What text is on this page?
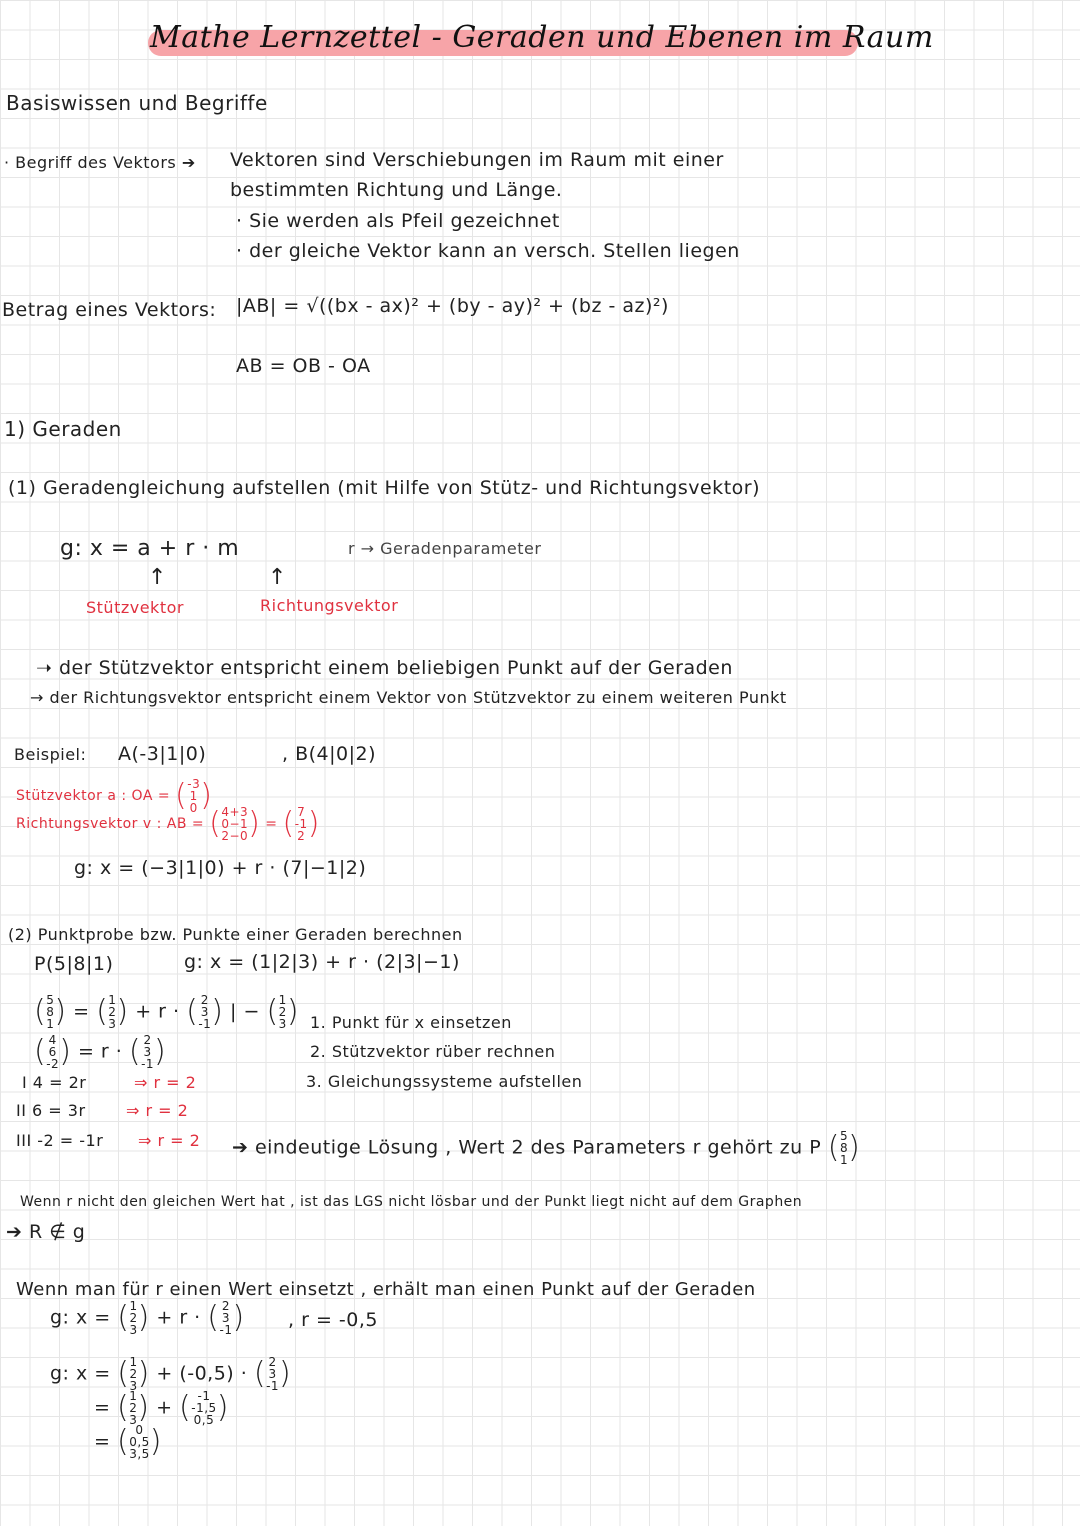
Mathe Lernzettel - Geraden und Ebenen im Raum
Basiswissen und Begriffe
· Begriff des Vektors ➔ Vektoren sind Verschiebungen im Raum mit einer
bestimmten Richtung und Länge.
· Sie werden als Pfeil gezeichnet
· der gleiche Vektor kann an versch. Stellen liegen
Betrag eines Vektors: |AB| = √((bx - ax)² + (by - ay)² + (bz - az)²)
AB = OB - OA
1) Geraden
(1) Geradengleichung aufstellen (mit Hilfe von Stütz- und Richtungsvektor)
g: x = a + r · m	r → Geradenparameter
↑	↑
Stützvektor	Richtungsvektor
➝ der Stützvektor entspricht einem beliebigen Punkt auf der Geraden
→ der Richtungsvektor entspricht einem Vektor von Stützvektor zu einem weiteren Punkt
Beispiel: A(-3|1|0)	, B(4|0|2)
Stützvektor a : OA = (-3
1
0)
Richtungsvektor v : AB = (4+3
0−1
2−0) = ( 7
-1
2)
g: x = (−3|1|0) + r · (7|−1|2)
(2) Punktprobe bzw. Punkte einer Geraden berechnen
P(5|8|1)	g: x = (1|2|3) + r · (2|3|−1)
(5
8
1) = (1
2
3) + r · ( 2
3
-1) | − (1
2
3)
( 4
6
-2) = r · ( 2
3
-1)
1. Punkt für x einsetzen
2. Stützvektor rüber rechnen
3. Gleichungssysteme aufstellen
I 4 = 2r	⇒ r = 2
II 6 = 3r	⇒ r = 2
III -2 = -1r ⇒ r = 2 ➔ eindeutige Lösung , Wert 2 des Parameters r gehört zu P (5
8
1)
Wenn r nicht den gleichen Wert hat , ist das LGS nicht lösbar und der Punkt liegt nicht auf dem Graphen
➔ R ∉ g
Wenn man für r einen Wert einsetzt , erhält man einen Punkt auf der Geraden
g: x = (1
2
3) + r · ( 2
3
-1) , r = -0,5
g: x = (1
2
3) + (-0,5) · ( 2
3
-1)
= (1
2
3) + ( -1
-1,5
0,5)
= ( 0
0,5
3,5)
